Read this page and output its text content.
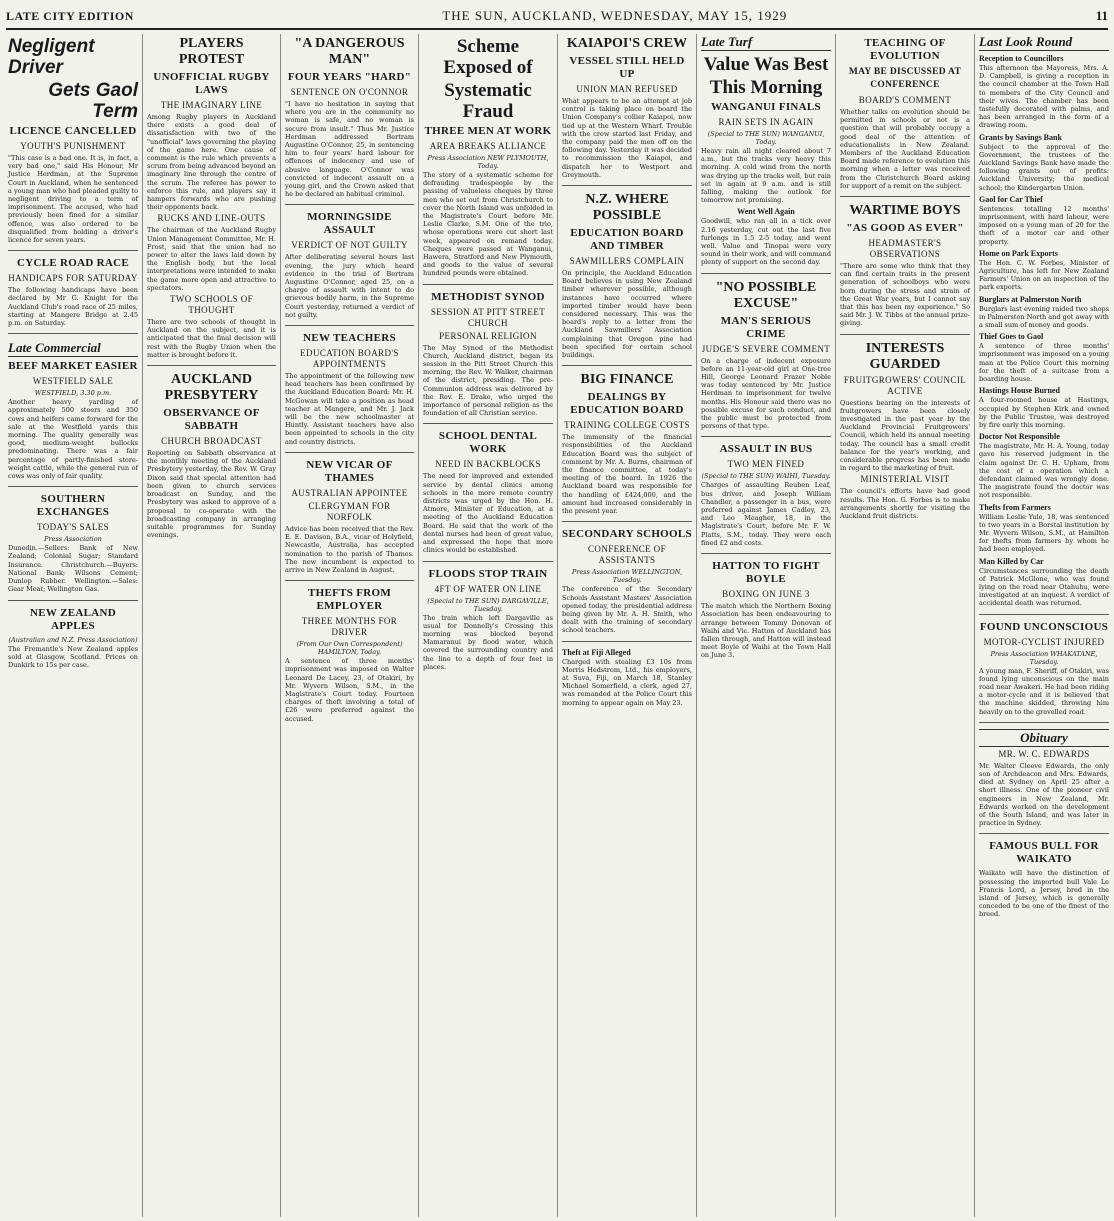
LATE CITY EDITION	THE SUN, AUCKLAND, WEDNESDAY, MAY 15, 1929	11
Negligent Driver
Gets Gaol Term
LICENCE CANCELLED
YOUTH'S PUNISHMENT

"This case is a bad one. It is, in fact, a very bad one," said His Honour, Mr Justice Herdman, at the Supreme Court in Auckland, when he sentenced a young man who had pleaded guilty to negligent driving to a term of imprisonment. The accused, who had previously been fined for a similar offence, was also ordered to be disqualified from holding a driver's licence for seven years.

CYCLE ROAD RACE
HANDICAPS FOR SATURDAY

The following handicaps have been declared by Mr G. Knight for the Auckland Club's road race of 25 miles, starting at Mangere Bridge at 2.45 p.m. on Saturday.

Late Commercial
BEEF MARKET EASIER
WESTFIELD SALE
WESTFIELD, 3.30 p.m.

Another heavy yarding of approximately 500 steers and 350 cows and heifers came forward for the sale at the Westfield yards this morning. The quality generally was good, medium-weight bullocks predominating. There was a fair percentage of partly-finished store-weight cattle, while the general run of cows was only of fair quality.

SOUTHERN EXCHANGES
TODAY'S SALES
Press Association

Dunedin.—Sellers: Bank of New Zealand; Colonial Sugar; Standard Insurance. Christchurch.—Buyers: National Bank; Wilsons Cement; Dunlop Rubber. Wellington.—Sales: Gear Meat; Wellington Gas.

NEW ZEALAND APPLES
(Australian and N.Z. Press Association)

The Fremantle's New Zealand apples sold at Glasgow, Scotland. Prices on Dunkirk to 15s per case.

PLAYERS PROTEST
UNOFFICIAL RUGBY LAWS
THE IMAGINARY LINE

Among Rugby players in Auckland there exists a good deal of dissatisfaction with two of the "unofficial" laws governing the playing of the game here. One cause of comment is the rule which prevents a scrum from being advanced beyond an imaginary line through the centre of the scrum. The referee has power to enforce this rule, and players say it hampers forwards who are pushing their opponents back.

RUCKS AND LINE-OUTS

The chairman of the Auckland Rugby Union Management Committee, Mr. H. Frost, said that the union had no power to alter the laws laid down by the English body, but the local interpretations were intended to make the game more open and attractive to spectators.

TWO SCHOOLS OF THOUGHT

There are two schools of thought in Auckland on the subject, and it is anticipated that the final decision will rest with the Rugby Union when the matter is brought before it.

AUCKLAND PRESBYTERY
OBSERVANCE OF SABBATH
CHURCH BROADCAST

Reporting on Sabbath observance at the monthly meeting of the Auckland Presbytery yesterday, the Rev. W. Gray Dixon said that special attention had been given to church services broadcast on Sunday, and the Presbytery was asked to approve of a proposal to co-operate with the broadcasting company in arranging suitable programmes for Sunday evenings.

"A DANGEROUS MAN"
FOUR YEARS "HARD"
SENTENCE ON O'CONNOR

"I have no hesitation in saying that where you are in the community no woman is safe, and no woman is secure from insult." Thus Mr. Justice Herdman addressed Bertram Augustine O'Connor, 25, in sentencing him to four years' hard labour for offences of indecency and use of abusive language. O'Connor was convicted of indecent assault on a young girl, and the Crown asked that he be declared an habitual criminal.

MORNINGSIDE ASSAULT
VERDICT OF NOT GUILTY

After deliberating several hours last evening, the jury which heard evidence in the trial of Bertram Augustine O'Connor, aged 25, on a charge of assault with intent to do grievous bodily harm, in the Supreme Court yesterday, returned a verdict of not guilty.

NEW TEACHERS
EDUCATION BOARD'S APPOINTMENTS

The appointment of the following new head teachers has been confirmed by the Auckland Education Board: Mr. H. McGowan will take a position as head teacher at Mangere, and Mr. J. Jack will be the new schoolmaster at Huntly. Assistant teachers have also been appointed to schools in the city and country districts.

NEW VICAR OF THAMES
AUSTRALIAN APPOINTEE
CLERGYMAN FOR NORFOLK

Advice has been received that the Rev. E. E. Davison, B.A., vicar of Holyfield, Newcastle, Australia, has accepted nomination to the parish of Thames. The new incumbent is expected to arrive in New Zealand in August.

THEFTS FROM EMPLOYER
THREE MONTHS FOR DRIVER
(From Our Own Correspondent) HAMILTON, Today.

A sentence of three months' imprisonment was imposed on Walter Leonard De Lacey, 23, of Otakiri, by Mr. Wyvern Wilson, S.M., in the Magistrate's Court today. Fourteen charges of theft involving a total of £26 were preferred against the accused.

Scheme Exposed of
Systematic Fraud
THREE MEN AT WORK
AREA BREAKS ALLIANCE
Press Association NEW PLYMOUTH, Today.

The story of a systematic scheme for defrauding tradespeople by the passing of valueless cheques by three men who set out from Christchurch to cover the North Island was unfolded in the Magistrate's Court before Mr. Leslie Clarke, S.M. One of the trio, whose operations were cut short last week, appeared on remand today. Cheques were passed at Wanganui, Hawera, Stratford and New Plymouth, and goods to the value of several hundred pounds were obtained.

METHODIST SYNOD
SESSION AT PITT STREET CHURCH
PERSONAL RELIGION

The May Synod of the Methodist Church, Auckland district, began its session in the Pitt Street Church this morning, the Rev. W. Walker, chairman of the district, presiding. The pre-Communion address was delivered by the Rev. E. Drake, who urged the importance of personal religion as the foundation of all Christian service.

SCHOOL DENTAL WORK
NEED IN BACKBLOCKS

The need for improved and extended service by dental clinics among schools in the more remote country districts was urged by the Hon. H. Atmore, Minister of Education, at a meeting of the Auckland Education Board. He said that the work of the dental nurses had been of great value, and expressed the hope that more clinics would be established.

FLOODS STOP TRAIN
4FT OF WATER ON LINE
(Special to THE SUN) DARGAVILLE, Tuesday.

The train which left Dargaville as usual for Donnelly's Crossing this morning was blocked beyond Mamaranui by flood water, which covered the surrounding country and the line to a depth of four feet in places.

KAIAPOI'S CREW
VESSEL STILL HELD UP
UNION MAN REFUSED

What appears to be an attempt at job control is taking place on board the Union Company's collier Kaiapoi, now tied up at the Western Wharf. Trouble with the crew started last Friday, and the company paid the men off on the following day. Yesterday it was decided to recommission the Kaiapoi, and dispatch her to Westport and Greymouth.

N.Z. WHERE POSSIBLE
EDUCATION BOARD AND TIMBER
SAWMILLERS COMPLAIN

On principle, the Auckland Education Board believes in using New Zealand timber wherever possible, although instances have occurred where imported timber would have been considered necessary. This was the board's reply to a letter from the Auckland Sawmillers' Association complaining that Oregon pine had been specified for certain school buildings.

BIG FINANCE
DEALINGS BY EDUCATION BOARD
TRAINING COLLEGE COSTS

The immensity of the financial responsibilities of the Auckland Education Board was the subject of comment by Mr. A. Burns, chairman of the finance committee, at today's meeting of the board. In 1926 the Auckland board was responsible for the handling of £424,000, and the amount had increased considerably in the present year.

SECONDARY SCHOOLS
CONFERENCE OF ASSISTANTS
Press Association WELLINGTON, Tuesday.

The conference of the Secondary Schools Assistant Masters' Association opened today, the presidential address being given by Mr. A. H. Smith, who dealt with the training of secondary school teachers.

Theft at Fiji Alleged

Charged with stealing £3 10s from Morris Hedstrom, Ltd., his employers, at Suva, Fiji, on March 18, Stanley Michael Somerfield, a clerk, aged 27, was remanded at the Police Court this morning to appear again on May 23.

Late Turf
Value Was Best
This Morning
WANGANUI FINALS
RAIN SETS IN AGAIN
(Special to THE SUN) WANGANUI, Today.

Heavy rain all night cleared about 7 a.m., but the tracks very heavy this morning. A cold wind from the north was drying up the tracks well, but rain set in again at 9 a.m. and is still falling, making the outlook for tomorrow not promising.

Went Well Again

Goodwill, who ran all in a tick over 2.16 yesterday, cut out the last five furlongs in 1.5 2-5 today, and went well. Value and Tinopai were very sound in their work, and will command plenty of support on the second day.

"NO POSSIBLE EXCUSE"
MAN'S SERIOUS CRIME
JUDGE'S SEVERE COMMENT

On a charge of indecent exposure before an 11-year-old girl at One-tree Hill, George Leonard Frazer Noble was today sentenced by Mr. Justice Herdman to imprisonment for twelve months. His Honour said there was no possible excuse for such conduct, and the public must be protected from persons of that type.

ASSAULT IN BUS
TWO MEN FINED
(Special to THE SUN) WAIHI, Tuesday.

Charges of assaulting Reuben Leaf, bus driver, and Joseph William Chandler, a passenger in a bus, were preferred against James Cadley, 23, and Leo Meagher, 18, in the Magistrate's Court, before Mr. F. W. Platts, S.M., today. They were each fined £2 and costs.

HATTON TO FIGHT BOYLE
BOXING ON JUNE 3

The match which the Northern Boxing Association has been endeavouring to arrange between Tommy Donovan of Waihi and Vic. Hatton of Auckland has fallen through, and Hatton will instead meet Boyle of Waihi at the Town Hall on June 3.

TEACHING OF EVOLUTION
MAY BE DISCUSSED AT CONFERENCE
BOARD'S COMMENT

Whether talks on evolution should be permitted in schools or not is a question that will probably occupy a good deal of the attention of educationalists in New Zealand. Members of the Auckland Education Board made reference to evolution this morning when a letter was received from the Christchurch Board asking for support of a remit on the subject.

WARTIME BOYS
"AS GOOD AS EVER"
HEADMASTER'S OBSERVATIONS

"There are some who think that they can find certain traits in the present generation of schoolboys who were born during the stress and strain of the Great War years, but I cannot say that this has been my experience." So said Mr. J. W. Tibbs at the annual prize-giving.

INTERESTS GUARDED
FRUITGROWERS' COUNCIL ACTIVE

Questions bearing on the interests of fruitgrowers have been closely investigated in the past year by the Auckland Provincial Fruitgrowers' Council, which held its annual meeting today. The council has a small credit balance for the year's working, and considerable progress has been made in regard to the marketing of fruit.

MINISTERIAL VISIT

The council's efforts have had good results. The Hon. G. Forbes is to make arrangements shortly for visiting the Auckland fruit districts.

Last Look Round
Reception to Councillors

This afternoon the Mayoress, Mrs. A. D. Campbell, is giving a reception in the council chamber at the Town Hall to members of the City Council and their wives. The chamber has been tastefully decorated with palms, and has been arranged in the form of a drawing room.

Grants by Savings Bank

Subject to the approval of the Government, the trustees of the Auckland Savings Bank have made the following grants out of profits: Auckland University; the medical school; the Kindergarten Union.

Gaol for Car Thief

Sentences totalling 12 months' imprisonment, with hard labour, were imposed on a young man of 20 for the theft of a motor car and other property.

Home on Park Exports

The Hon. C. W. Forbes, Minister of Agriculture, has left for New Zealand Farmers' Union on an inspection of the park exports.

Burglars at Palmerston North

Burglars last evening raided two shops in Palmerston North and got away with a small sum of money and goods.

Thief Goes to Gaol

A sentence of three months' imprisonment was imposed on a young man at the Police Court this morning for the theft of a suitcase from a boarding house.

Hastings House Burned

A four-roomed house at Hastings, occupied by Stephen Kirk and owned by the Public Trustee, was destroyed by fire early this morning.

Doctor Not Responsible

The magistrate, Mr. H. A. Young, today gave his reserved judgment in the claim against Dr. C. H. Upham, from the cost of a operation which a defendant claimed was wrongly done. The magistrate found the doctor was not responsible.

Thefts from Farmers

William Leslie Yule, 18, was sentenced to two years in a Borstal institution by Mr. Wyvern Wilson, S.M., at Hamilton for thefts from farmers by whom he had been employed.

Man Killed by Car

Circumstances surrounding the death of Patrick McGlone, who was found lying on the road near Otahuhu, were investigated at an inquest. A verdict of accidental death was returned.

FOUND UNCONSCIOUS
MOTOR-CYCLIST INJURED
Press Association WHAKATANE, Tuesday.

A young man, F. Sheriff, of Otakiri, was found lying unconscious on the main road near Awakeri. He had been riding a motor-cycle and it is believed that the machine skidded, throwing him heavily on to the gravelled road.

Obituary
MR. W. C. EDWARDS

Mr. Walter Cleeve Edwards, the only son of Archdeacon and Mrs. Edwards, died at Sydney on April 25 after a short illness. One of the pioneer civil engineers in New Zealand, Mr. Edwards worked on the development of the South Island, and was later in practice in Sydney.

FAMOUS BULL FOR WAIKATO

Waikato will have the distinction of possessing the imported bull Vale Le Francis Lord, a Jersey, bred in the island of Jersey, which is generally conceded to be one of the finest of the breed.
